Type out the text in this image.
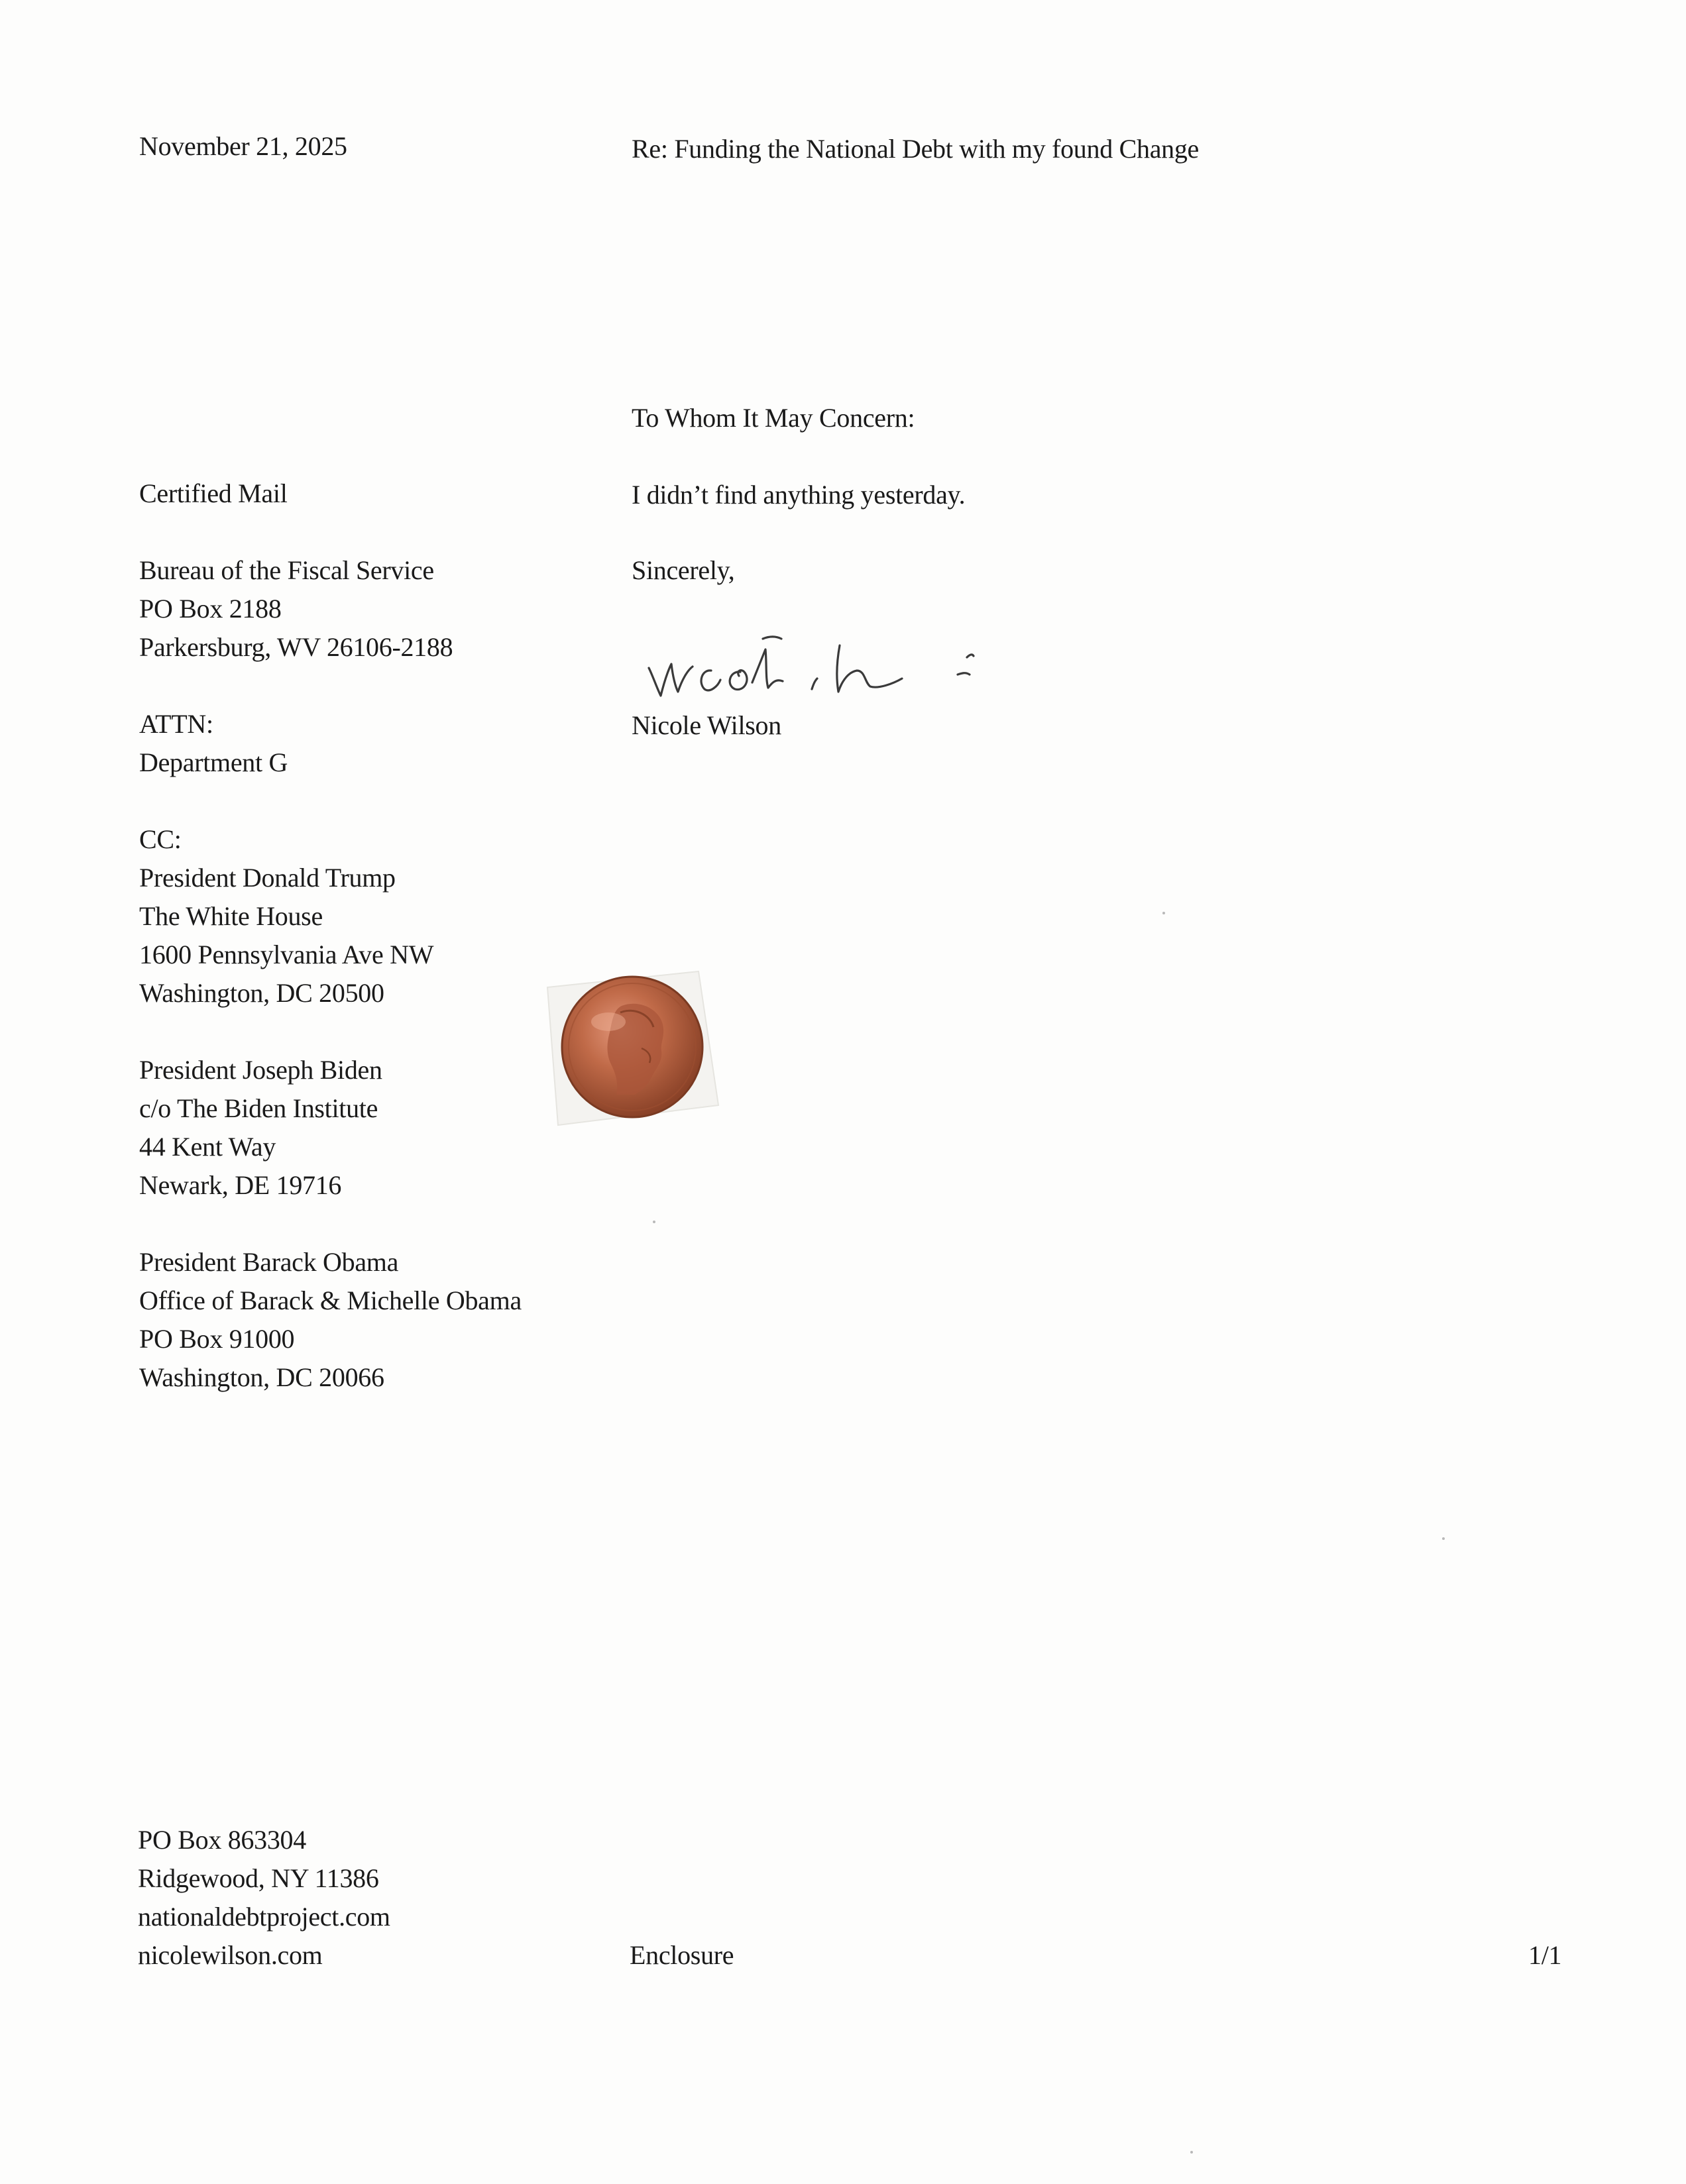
November 21, 2025	Re: Funding the National Debt with my found Change
To Whom It May Concern:
I didn’t find anything yesterday.
Sincerely,
Nicole Wilson
Certified Mail
Bureau of the Fiscal Service
PO Box 2188
Parkersburg, WV 26106-2188
ATTN:
Department G
CC:
President Donald Trump
The White House
1600 Pennsylvania Ave NW
Washington, DC 20500
President Joseph Biden
c/o The Biden Institute
44 Kent Way
Newark, DE 19716
President Barack Obama
Office of Barack & Michelle Obama
PO Box 91000
Washington, DC 20066
PO Box 863304
Ridgewood, NY 11386
nationaldebtproject.com
nicolewilson.com	Enclosure	1/1
